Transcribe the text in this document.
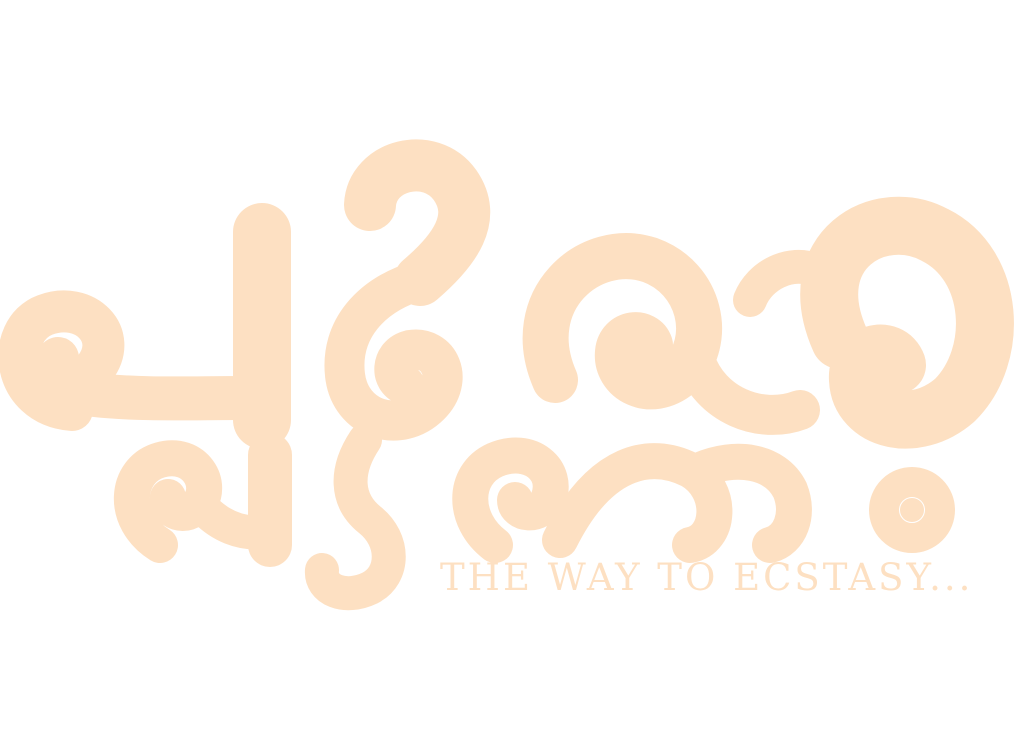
THE WAY TO ECSTASY...
